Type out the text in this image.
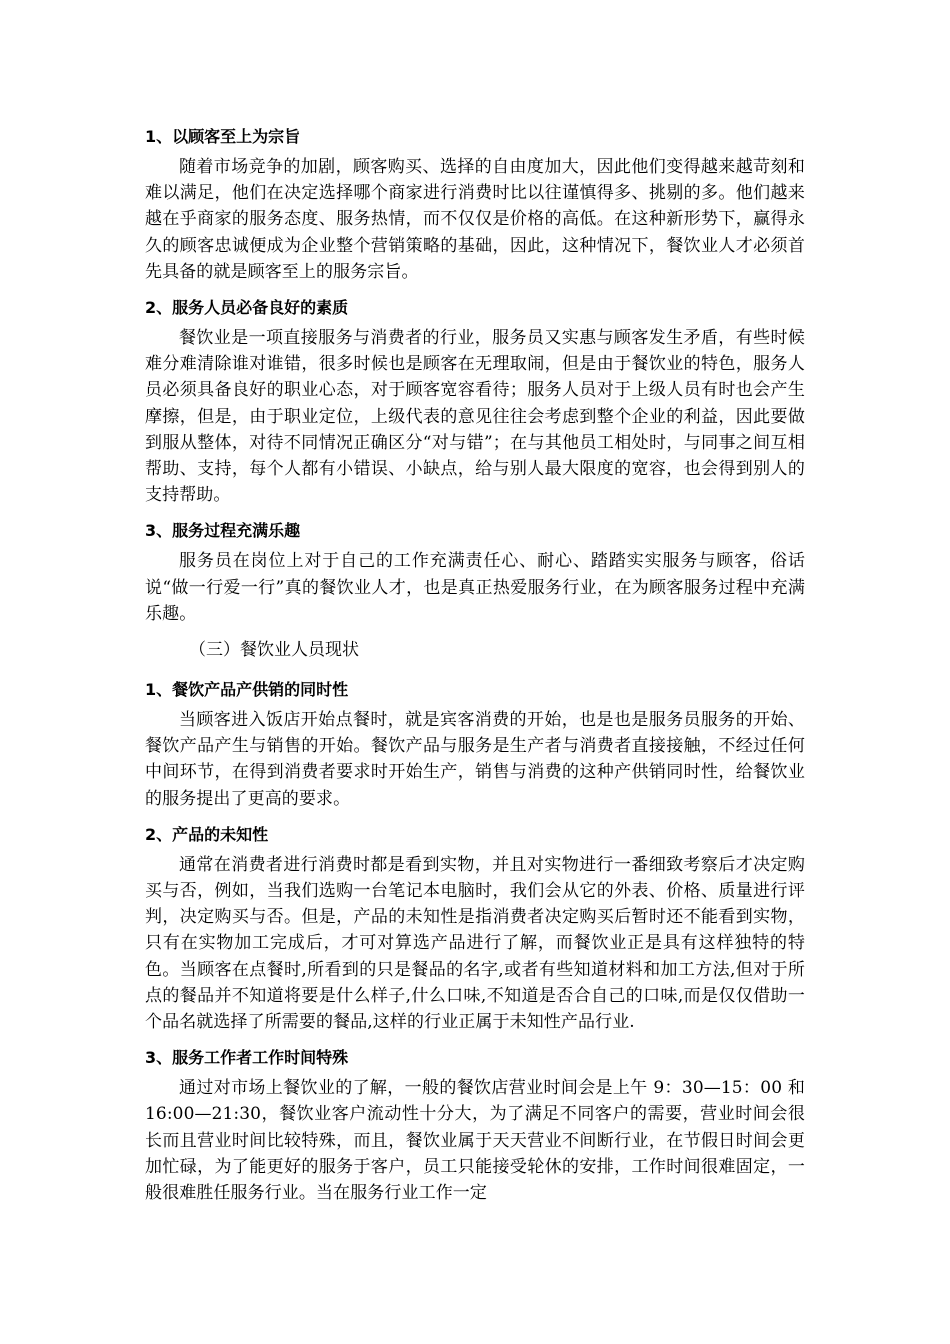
1、以顾客至上为宗旨

随着市场竞争的加剧，顾客购买、选择的自由度加大，因此他们变得越来越苛刻和难以满足，他们在决定选择哪个商家进行消费时比以往谨慎得多、挑剔的多。他们越来越在乎商家的服务态度、服务热情，而不仅仅是价格的高低。在这种新形势下，赢得永久的顾客忠诚便成为企业整个营销策略的基础，因此，这种情况下，餐饮业人才必须首先具备的就是顾客至上的服务宗旨。

2、服务人员必备良好的素质

餐饮业是一项直接服务与消费者的行业，服务员又实惠与顾客发生矛盾，有些时候难分难清除谁对谁错，很多时候也是顾客在无理取闹，但是由于餐饮业的特色，服务人员必须具备良好的职业心态，对于顾客宽容看待；服务人员对于上级人员有时也会产生摩擦，但是，由于职业定位，上级代表的意见往往会考虑到整个企业的利益，因此要做到服从整体，对待不同情况正确区分“对与错”；在与其他员工相处时，与同事之间互相帮助、支持，每个人都有小错误、小缺点，给与别人最大限度的宽容，也会得到别人的支持帮助。

3、服务过程充满乐趣

服务员在岗位上对于自己的工作充满责任心、耐心、踏踏实实服务与顾客，俗话说“做一行爱一行”真的餐饮业人才，也是真正热爱服务行业，在为顾客服务过程中充满乐趣。

（三）餐饮业人员现状
1、餐饮产品产供销的同时性

当顾客进入饭店开始点餐时，就是宾客消费的开始，也是也是服务员服务的开始、餐饮产品产生与销售的开始。餐饮产品与服务是生产者与消费者直接接触，不经过任何中间环节，在得到消费者要求时开始生产，销售与消费的这种产供销同时性，给餐饮业的服务提出了更高的要求。

2、产品的未知性

通常在消费者进行消费时都是看到实物，并且对实物进行一番细致考察后才决定购买与否，例如，当我们选购一台笔记本电脑时，我们会从它的外表、价格、质量进行评判，决定购买与否。但是，产品的未知性是指消费者决定购买后暂时还不能看到实物，只有在实物加工完成后，才可对算选产品进行了解，而餐饮业正是具有这样独特的特色。当顾客在点餐时,所看到的只是餐品的名字,或者有些知道材料和加工方法,但对于所点的餐品并不知道将要是什么样子,什么口味,不知道是否合自己的口味,而是仅仅借助一个品名就选择了所需要的餐品,这样的行业正属于未知性产品行业.

3、服务工作者工作时间特殊

通过对市场上餐饮业的了解，一般的餐饮店营业时间会是上午 9：30—15：00 和 16:00—21:30，餐饮业客户流动性十分大，为了满足不同客户的需要，营业时间会很长而且营业时间比较特殊，而且，餐饮业属于天天营业不间断行业，在节假日时间会更加忙碌，为了能更好的服务于客户，员工只能接受轮休的安排，工作时间很难固定，一般很难胜任服务行业。当在服务行业工作一定
